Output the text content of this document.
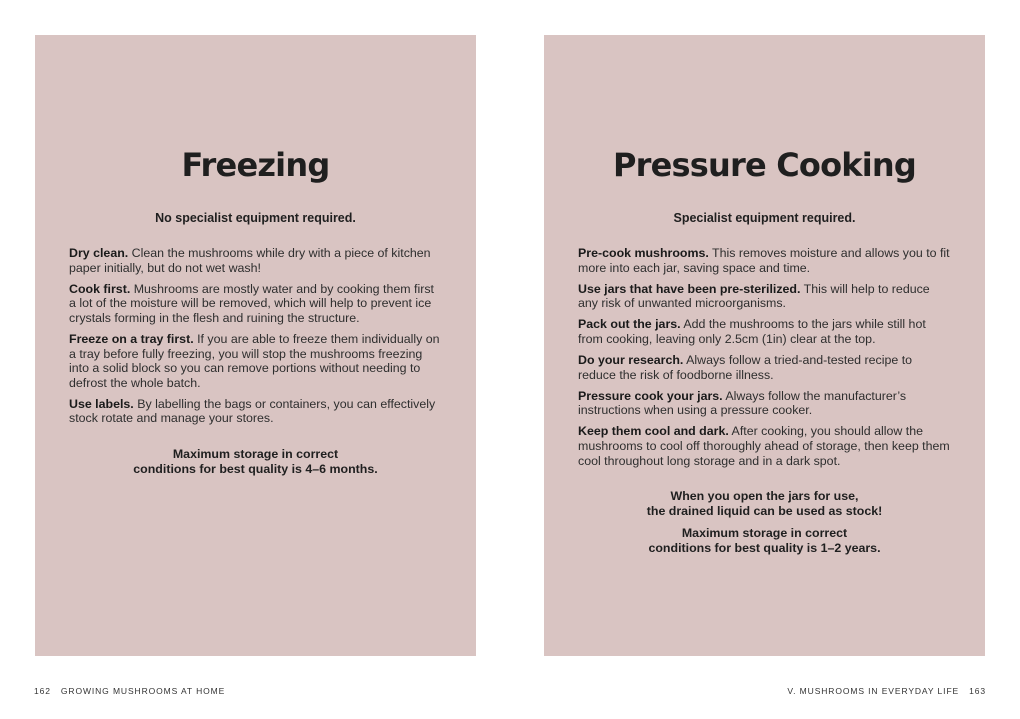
Freezing
No specialist equipment required.

Dry clean. Clean the mushrooms while dry with a piece of kitchen paper initially, but do not wet wash!

Cook first. Mushrooms are mostly water and by cooking them first a lot of the moisture will be removed, which will help to prevent ice crystals forming in the flesh and ruining the structure.

Freeze on a tray first. If you are able to freeze them individually on a tray before fully freezing, you will stop the mushrooms freezing into a solid block so you can remove portions without needing to defrost the whole batch.

Use labels. By labelling the bags or containers, you can effectively stock rotate and manage your stores.

Maximum storage in correct
conditions for best quality is 4–6 months.
Pressure Cooking
Specialist equipment required.

Pre-cook mushrooms. This removes moisture and allows you to fit more into each jar, saving space and time.

Use jars that have been pre-sterilized. This will help to reduce any risk of unwanted microorganisms.

Pack out the jars. Add the mushrooms to the jars while still hot from cooking, leaving only 2.5cm (1in) clear at the top.

Do your research. Always follow a tried-and-tested recipe to reduce the risk of foodborne illness.

Pressure cook your jars. Always follow the manufacturer’s instructions when using a pressure cooker.

Keep them cool and dark. After cooking, you should allow the mushrooms to cool off thoroughly ahead of storage, then keep them cool throughout long storage and in a dark spot.

When you open the jars for use,
the drained liquid can be used as stock!
Maximum storage in correct
conditions for best quality is 1–2 years.
162 GROWING MUSHROOMS AT HOME	V. MUSHROOMS IN EVERYDAY LIFE 163
